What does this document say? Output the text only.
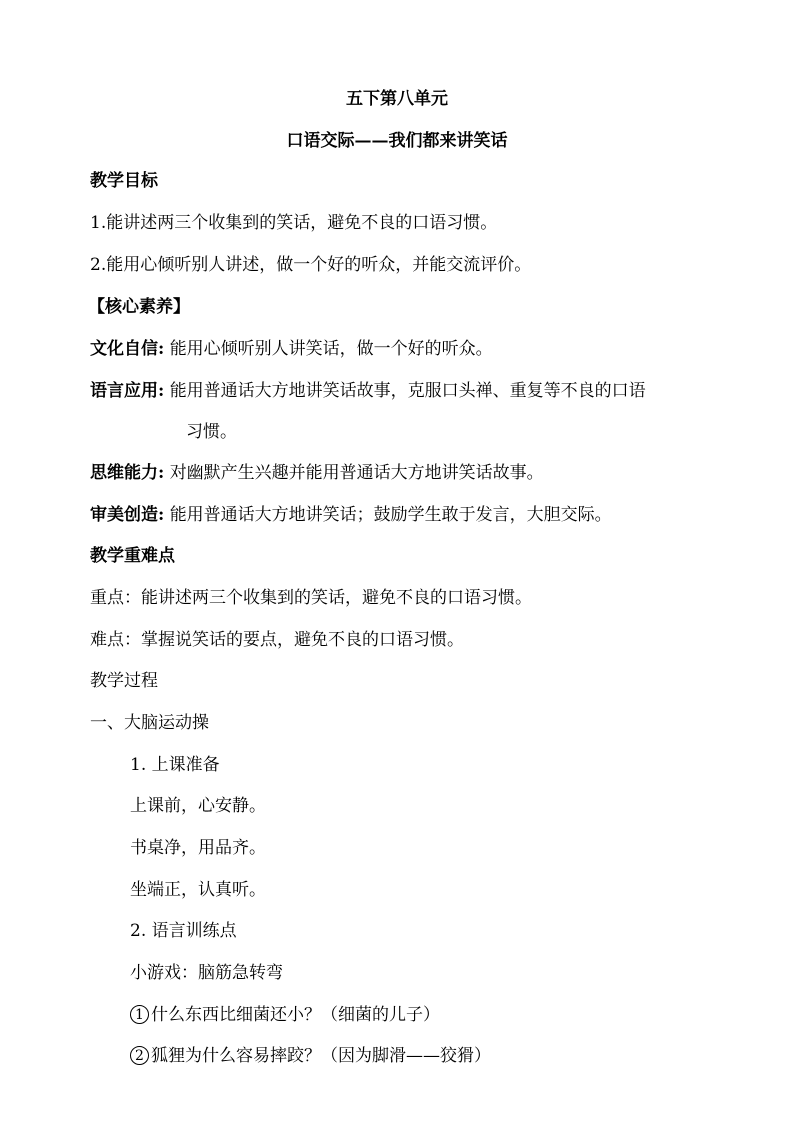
五下第八单元
口语交际——我们都来讲笑话
教学目标
1.能讲述两三个收集到的笑话，避免不良的口语习惯。
2.能用心倾听别人讲述，做一个好的听众，并能交流评价。
【核心素养】
文化自信: 能用心倾听别人讲笑话，做一个好的听众。
语言应用: 能用普通话大方地讲笑话故事，克服口头禅、重复等不良的口语
习惯。
思维能力: 对幽默产生兴趣并能用普通话大方地讲笑话故事。
审美创造: 能用普通话大方地讲笑话；鼓励学生敢于发言，大胆交际。
教学重难点
重点：能讲述两三个收集到的笑话，避免不良的口语习惯。
难点：掌握说笑话的要点，避免不良的口语习惯。
教学过程
一、大脑运动操
1. 上课准备
上课前，心安静。
书桌净，用品齐。
坐端正，认真听。
2. 语言训练点
小游戏：脑筋急转弯
1 什么东西比细菌还小？（细菌的儿子）
2 狐狸为什么容易摔跤？（因为脚滑——狡猾）
